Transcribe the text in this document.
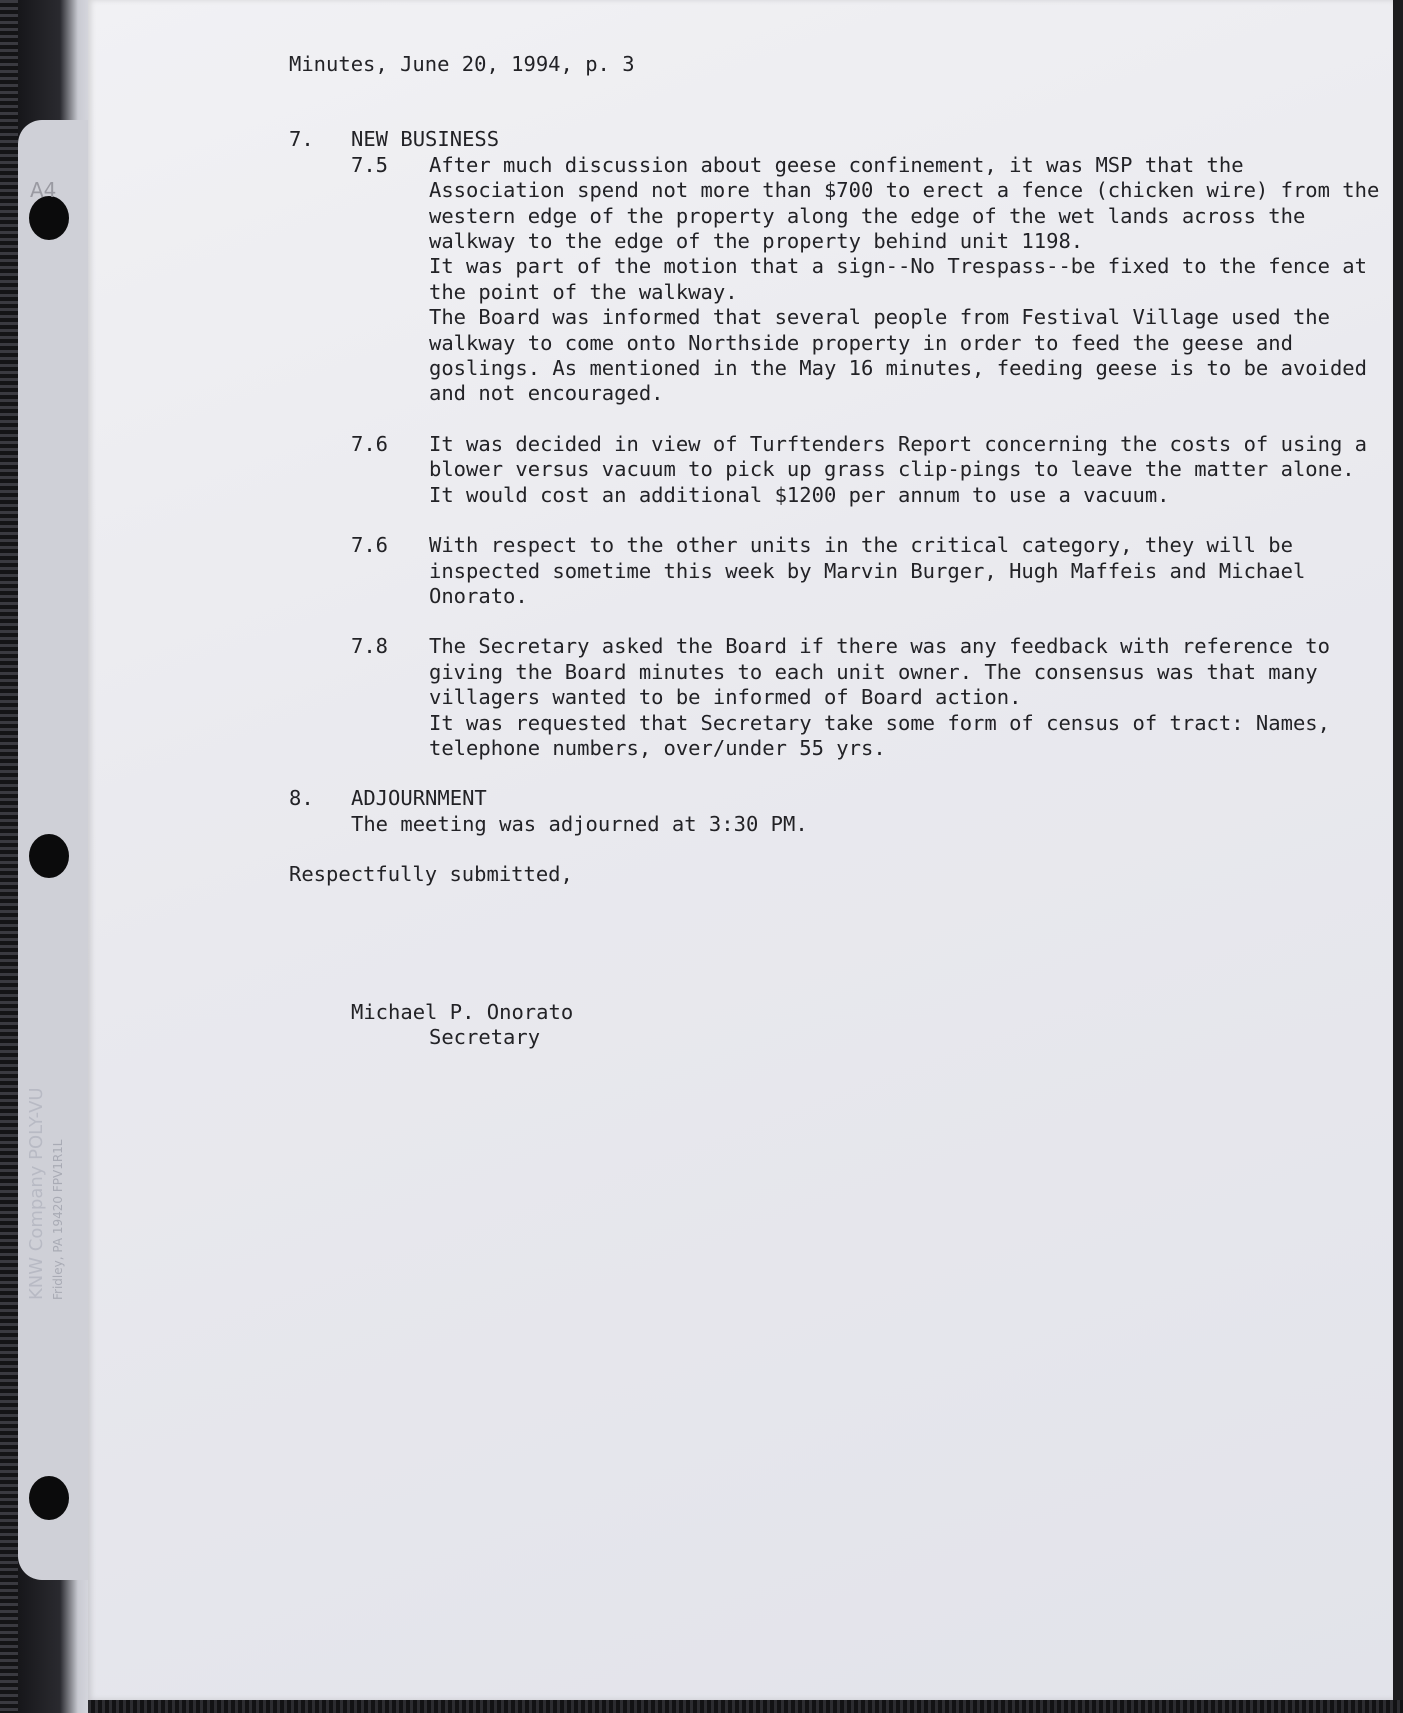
A4
KNW Company POLY-VU Fridley, PA 19420 FPV1R1L
Minutes, June 20, 1994, p. 3
7.	NEW BUSINESS
7.5	After much discussion about geese confinement, it was MSP that the Association spend not more than $700 to erect a fence (chicken wire) from the western edge of the property along the edge of the wet lands across the walkway to the edge of the property behind unit 1198.

It was part of the motion that a sign--No Trespass--be fixed to the fence at the point of the walkway.

The Board was informed that several people from Festival Village used the walkway to come onto Northside property in order to feed the geese and goslings. As mentioned in the May 16 minutes, feeding geese is to be avoided and not encouraged.

7.6	It was decided in view of Turftenders Report concerning the costs of using a blower versus vacuum to pick up grass clip-pings to leave the matter alone. It would cost an additional $1200 per annum to use a vacuum.

7.6	With respect to the other units in the critical category, they will be inspected sometime this week by Marvin Burger, Hugh Maffeis and Michael Onorato.

7.8	The Secretary asked the Board if there was any feedback with reference to giving the Board minutes to each unit owner. The consensus was that many villagers wanted to be informed of Board action.

It was requested that Secretary take some form of census of tract: Names, telephone numbers, over/under 55 yrs.

8.	ADJOURNMENT
The meeting was adjourned at 3:30 PM.
Respectfully submitted,
Michael P. Onorato
Secretary
